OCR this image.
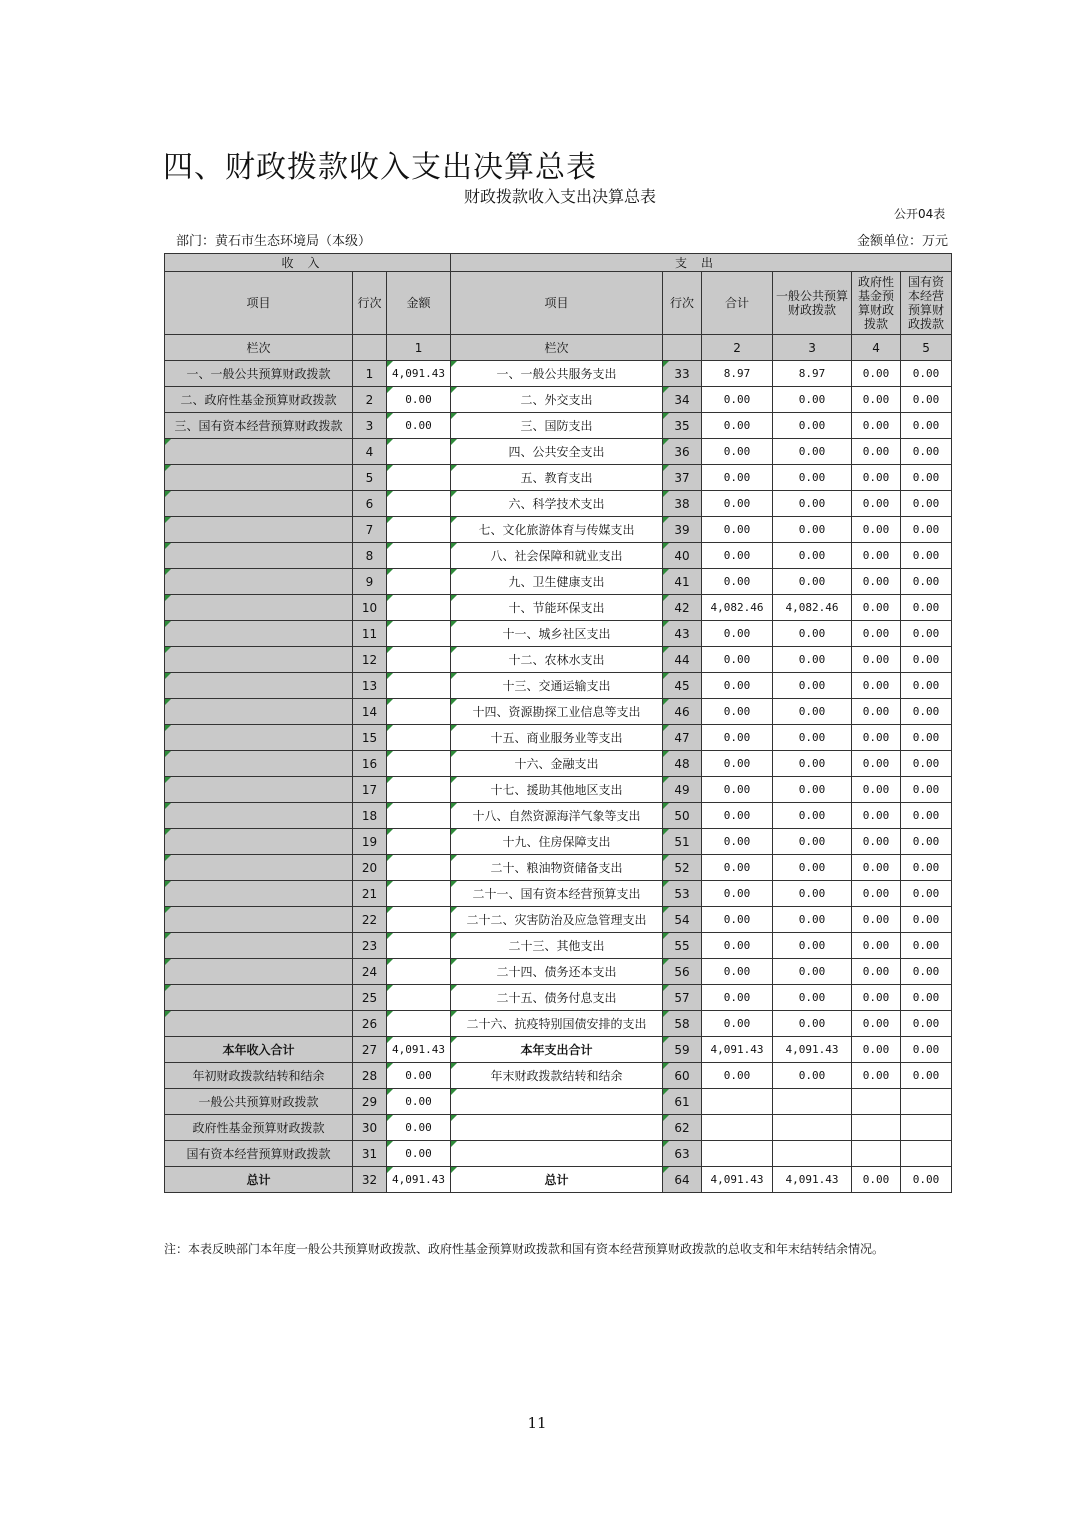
四、财政拨款收入支出决算总表
财政拨款收入支出决算总表
公开04表
部门：黄石市生态环境局（本级）	金额单位：万元
收入			支出					
项目	行次	金额	项目	行次	合计	一般公共预算财政拨款	政府性基金预算财政拨款	国有资本经营预算财政拨款
栏次		1	栏次		2	3	4	5
一、一般公共预算财政拨款	1	4,091.43	一、一般公共服务支出	33	8.97	8.97	0.00	0.00
二、政府性基金预算财政拨款	2	0.00	二、外交支出	34	0.00	0.00	0.00	0.00
三、国有资本经营预算财政拨款	3	0.00	三、国防支出	35	0.00	0.00	0.00	0.00
	4		四、公共安全支出	36	0.00	0.00	0.00	0.00
	5		五、教育支出	37	0.00	0.00	0.00	0.00
	6		六、科学技术支出	38	0.00	0.00	0.00	0.00
	7		七、文化旅游体育与传媒支出	39	0.00	0.00	0.00	0.00
	8		八、社会保障和就业支出	40	0.00	0.00	0.00	0.00
	9		九、卫生健康支出	41	0.00	0.00	0.00	0.00
	10		十、节能环保支出	42	4,082.46	4,082.46	0.00	0.00
	11		十一、城乡社区支出	43	0.00	0.00	0.00	0.00
	12		十二、农林水支出	44	0.00	0.00	0.00	0.00
	13		十三、交通运输支出	45	0.00	0.00	0.00	0.00
	14		十四、资源勘探工业信息等支出	46	0.00	0.00	0.00	0.00
	15		十五、商业服务业等支出	47	0.00	0.00	0.00	0.00
	16		十六、金融支出	48	0.00	0.00	0.00	0.00
	17		十七、援助其他地区支出	49	0.00	0.00	0.00	0.00
	18		十八、自然资源海洋气象等支出	50	0.00	0.00	0.00	0.00
	19		十九、住房保障支出	51	0.00	0.00	0.00	0.00
	20		二十、粮油物资储备支出	52	0.00	0.00	0.00	0.00
	21		二十一、国有资本经营预算支出	53	0.00	0.00	0.00	0.00
	22		二十二、灾害防治及应急管理支出	54	0.00	0.00	0.00	0.00
	23		二十三、其他支出	55	0.00	0.00	0.00	0.00
	24		二十四、债务还本支出	56	0.00	0.00	0.00	0.00
	25		二十五、债务付息支出	57	0.00	0.00	0.00	0.00
	26		二十六、抗疫特别国债安排的支出	58	0.00	0.00	0.00	0.00
本年收入合计	27	4,091.43	本年支出合计	59	4,091.43	4,091.43	0.00	0.00
年初财政拨款结转和结余	28	0.00	年末财政拨款结转和结余	60	0.00	0.00	0.00	0.00
一般公共预算财政拨款	29	0.00		61				
政府性基金预算财政拨款	30	0.00		62				
国有资本经营预算财政拨款	31	0.00		63				
总计	32	4,091.43	总计	64	4,091.43	4,091.43	0.00	0.00
注：本表反映部门本年度一般公共预算财政拨款、政府性基金预算财政拨款和国有资本经营预算财政拨款的总收支和年末结转结余情况。
11
